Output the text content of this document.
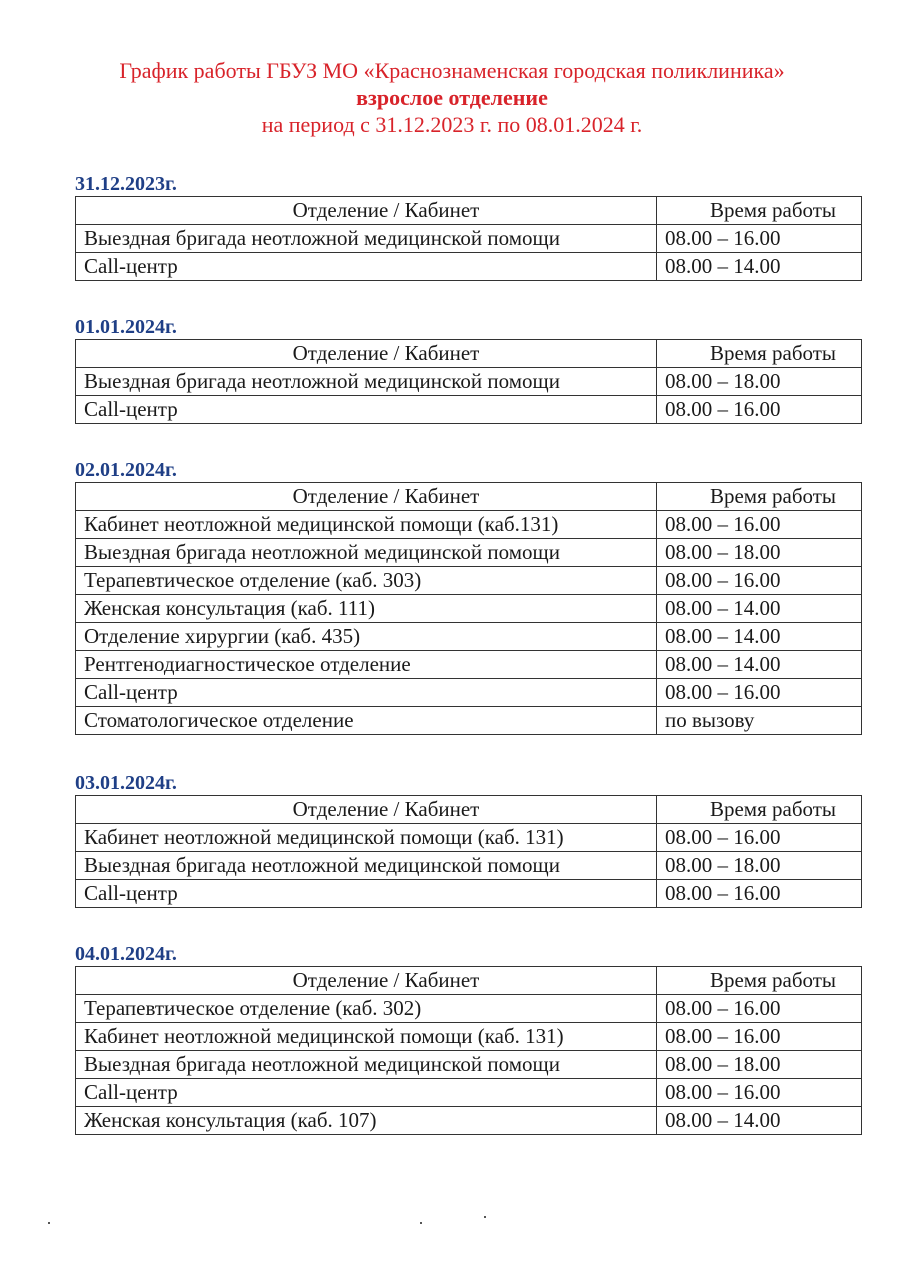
График работы ГБУЗ МО «Краснознаменская городская поликлиника»
взрослое отделение
на период с 31.12.2023 г. по 08.01.2024 г.
31.12.2023г.
Отделение / Кабинет	Время работы
Выездная бригада неотложной медицинской помощи	08.00 – 16.00
Call-центр	08.00 – 14.00
01.01.2024г.
Отделение / Кабинет	Время работы
Выездная бригада неотложной медицинской помощи	08.00 – 18.00
Call-центр	08.00 – 16.00
02.01.2024г.
Отделение / Кабинет	Время работы
Кабинет неотложной медицинской помощи (каб.131)	08.00 – 16.00
Выездная бригада неотложной медицинской помощи	08.00 – 18.00
Терапевтическое отделение (каб. 303)	08.00 – 16.00
Женская консультация (каб. 111)	08.00 – 14.00
Отделение хирургии (каб. 435)	08.00 – 14.00
Рентгенодиагностическое отделение	08.00 – 14.00
Call-центр	08.00 – 16.00
Стоматологическое отделение	по вызову
03.01.2024г.
Отделение / Кабинет	Время работы
Кабинет неотложной медицинской помощи (каб. 131)	08.00 – 16.00
Выездная бригада неотложной медицинской помощи	08.00 – 18.00
Call-центр	08.00 – 16.00
04.01.2024г.
Отделение / Кабинет	Время работы
Терапевтическое отделение (каб. 302)	08.00 – 16.00
Кабинет неотложной медицинской помощи (каб. 131)	08.00 – 16.00
Выездная бригада неотложной медицинской помощи	08.00 – 18.00
Call-центр	08.00 – 16.00
Женская консультация (каб. 107)	08.00 – 14.00
